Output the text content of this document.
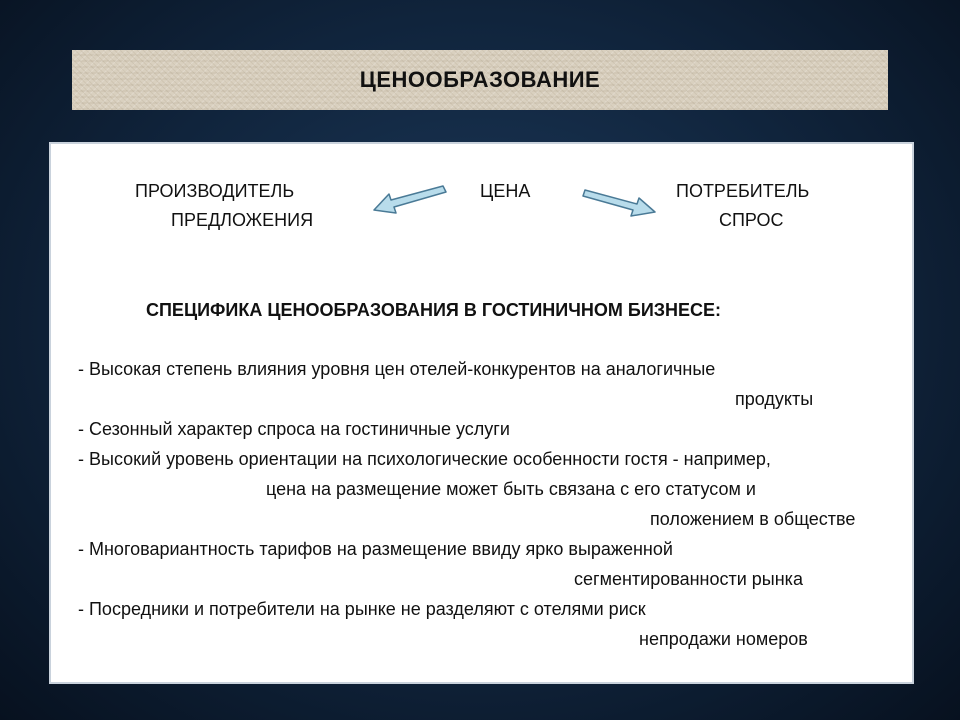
ЦЕНООБРАЗОВАНИЕ

ПРОИЗВОДИТЕЛЬ

ПРЕДЛОЖЕНИЯ

ЦЕНА	ПОТРЕБИТЕЛЬ

СПРОС

СПЕЦИФИКА ЦЕНООБРАЗОВАНИЯ В ГОСТИНИЧНОМ БИЗНЕСЕ:

- Высокая степень влияния уровня цен отелей-конкурентов на аналогичные

продукты

- Сезонный характер спроса на гостиничные услуги

- Высокий уровень ориентации на психологические особенности гостя - например,

цена на размещение может быть связана с его статусом и

положением в обществе

- Многовариантность тарифов на размещение ввиду ярко выраженной

сегментированности рынка

- Посредники и потребители на рынке не разделяют с отелями риск

непродажи номеров
